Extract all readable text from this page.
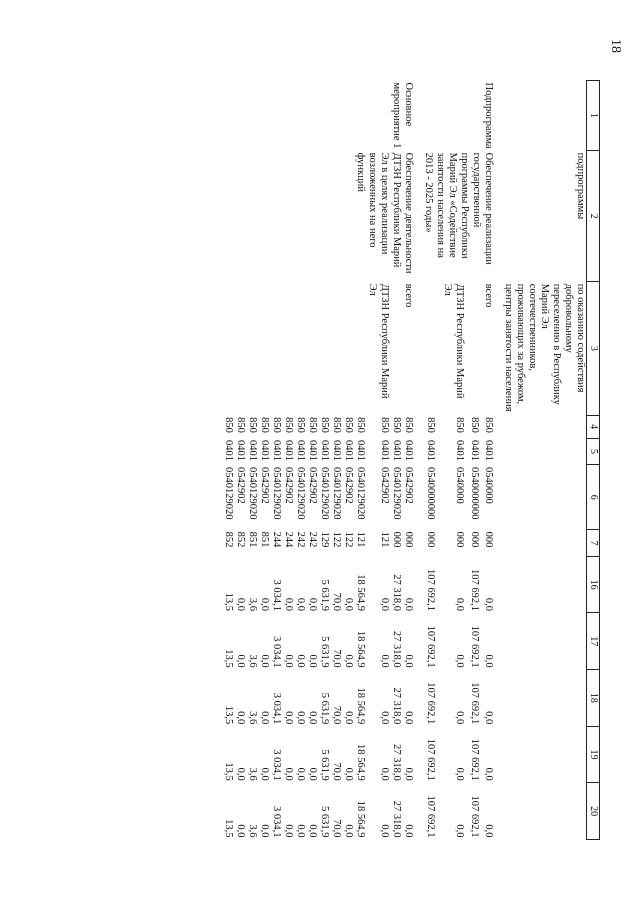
18
1	2	3	4	5	6	7	16	17	18	19	20
	подпрограммы	по оказанию содействия добровольному переселению в Республику Марий Эл соотечественников, проживающих за рубежом, центры занятости населения									

Подпрограмма	Обеспечение реализации государственной программы Республики Марий Эл «Содействие занятости населения на 2013 - 2025 годы»	всего	850	0401	0540000	000	0,0	0,0	0,0	0,0	0,0
			850	0401	0540000000	000	107 692,1	107 692,1	107 692,1	107 692,1	107 692,1
		ДТЗН Республики Марий Эл	850	0401	0540000	000	0,0	0,0	0,0	0,0	0,0
			850	0401	0540000000	000	107 692,1	107 692,1	107 692,1	107 692,1	107 692,1

Основное мероприятие 1	Обеспечение деятельности ДТЗН Республики Марий Эл в целях реализации возложенных на него функций	всего	850	0401	0542902	000	0,0	0,0	0,0	0,0	0,0
			850	0401	0540129020	000	27 318,0	27 318,0	27 318,0	27 318,0	27 318,0
		ДТЗН Республики Марий Эл	850	0401	0542902	121	0,0	0,0	0,0	0,0	0,0
			850	0401	0540129020	121	18 564,9	18 564,9	18 564,9	18 564,9	18 564,9
			850	0401	0542902	122	0,0	0,0	0,0	0,0	0,0
			850	0401	0540129020	122	70,0	70,0	70,0	70,0	70,0
			850	0401	0540129020	129	5 631,9	5 631,9	5 631,9	5 631,9	5 631,9
			850	0401	0542902	242	0,0	0,0	0,0	0,0	0,0
			850	0401	0540129020	242	0,0	0,0	0,0	0,0	0,0
			850	0401	0542902	244	0,0	0,0	0,0	0,0	0,0
			850	0401	0540129020	244	3 034,1	3 034,1	3 034,1	3 034,1	3 034,1
			850	0401	0542902	851	0,0	0,0	0,0	0,0	0,0
			850	0401	0540129020	851	3,6	3,6	3,6	3,6	3,6
			850	0401	0542902	852	0,0	0,0	0,0	0,0	0,0
			850	0401	0540129020	852	13,5	13,5	13,5	13,5	13,5
